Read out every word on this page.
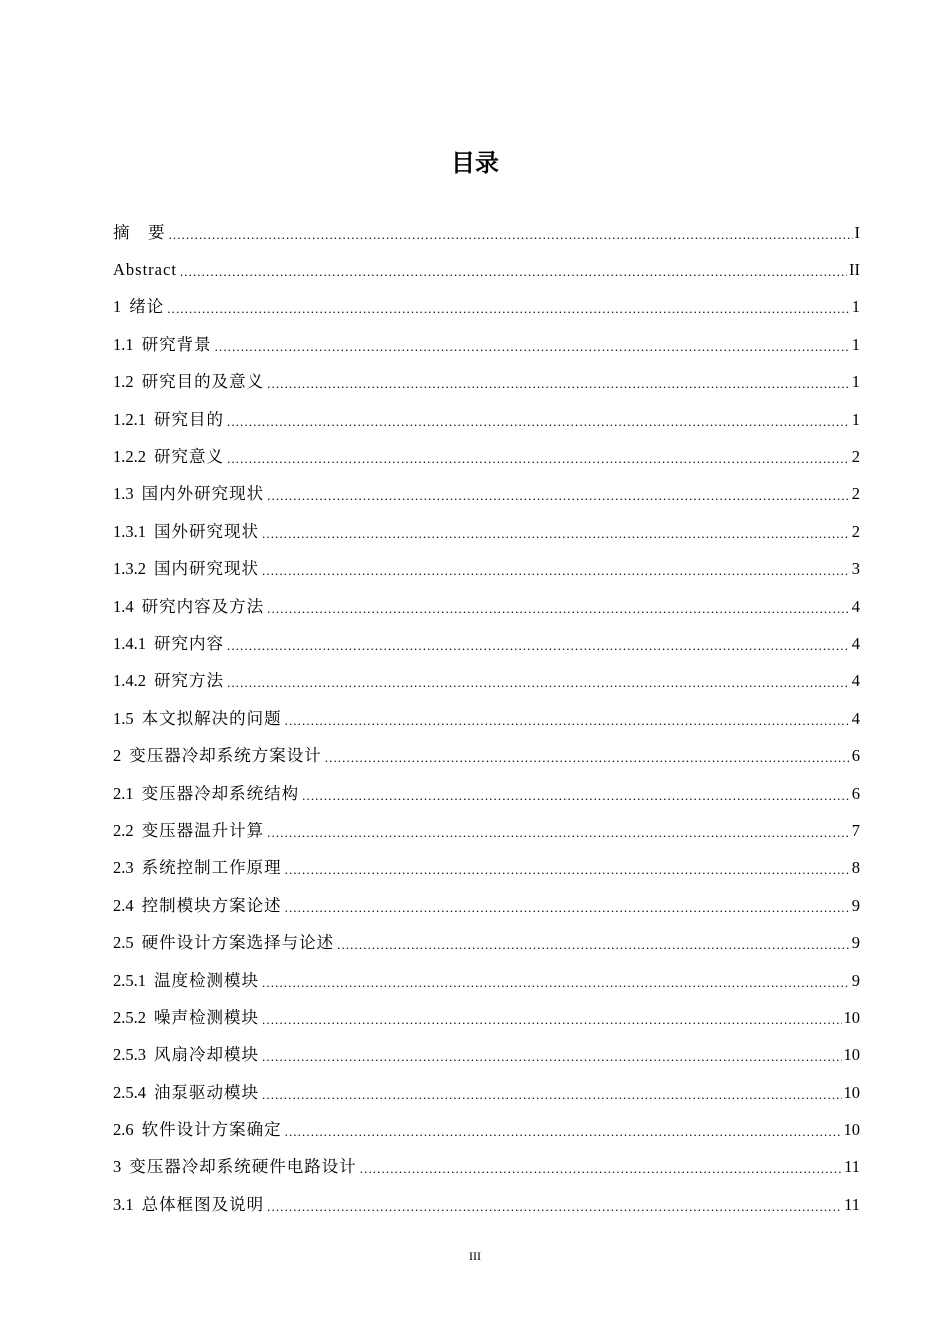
目录
摘　要 .....	I
Abstract .....	II
1 绪论 .....	1
1.1 研究背景 .....	1
1.2 研究目的及意义 .....	1
1.2.1 研究目的 .....	1
1.2.2 研究意义 .....	2
1.3 国内外研究现状 .....	2
1.3.1 国外研究现状 .....	2
1.3.2 国内研究现状 .....	3
1.4 研究内容及方法 .....	4
1.4.1 研究内容 .....	4
1.4.2 研究方法 .....	4
1.5 本文拟解决的问题 .....	4
2 变压器冷却系统方案设计 .....	6
2.1 变压器冷却系统结构 .....	6
2.2 变压器温升计算 .....	7
2.3 系统控制工作原理 .....	8
2.4 控制模块方案论述 .....	9
2.5 硬件设计方案选择与论述 .....	9
2.5.1 温度检测模块 .....	9
2.5.2 噪声检测模块 .....	10
2.5.3 风扇冷却模块 .....	10
2.5.4 油泵驱动模块 .....	10
2.6 软件设计方案确定 .....	10
3 变压器冷却系统硬件电路设计 .....	11
3.1 总体框图及说明 .....	11
III
